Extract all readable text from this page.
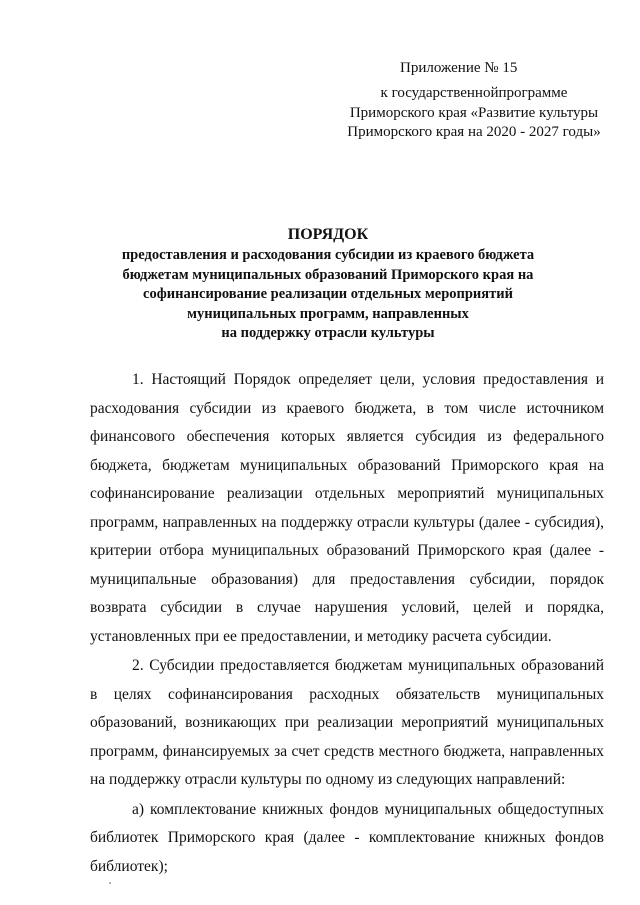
Приложение № 15
к государственнойпрограмме
Приморского края «Развитие культуры
Приморского края на 2020 - 2027 годы»
ПОРЯДОК
предоставления и расходования субсидии из краевого бюджета
бюджетам муниципальных образований Приморского края на
софинансирование реализации отдельных мероприятий
муниципальных программ, направленных
на поддержку отрасли культуры

1. Настоящий Порядок определяет цели, условия предоставления и расходования субсидии из краевого бюджета, в том числе источником финансового обеспечения которых является субсидия из федерального бюджета, бюджетам муниципальных образований Приморского края на софинансирование реализации отдельных мероприятий муниципальных программ, направленных на поддержку отрасли культуры (далее - субсидия), критерии отбора муниципальных образований Приморского края (далее - муниципальные образования) для предоставления субсидии, порядок возврата субсидии в случае нарушения условий, целей и порядка, установленных при ее предоставлении, и методику расчета субсидии.

2. Субсидии предоставляется бюджетам муниципальных образований в целях софинансирования расходных обязательств муниципальных образований, возникающих при реализации мероприятий муниципальных программ, финансируемых за счет средств местного бюджета, направленных на поддержку отрасли культуры по одному из следующих направлений:

а) комплектование книжных фондов муниципальных общедоступных библиотек Приморского края (далее - комплектование книжных фондов библиотек);
